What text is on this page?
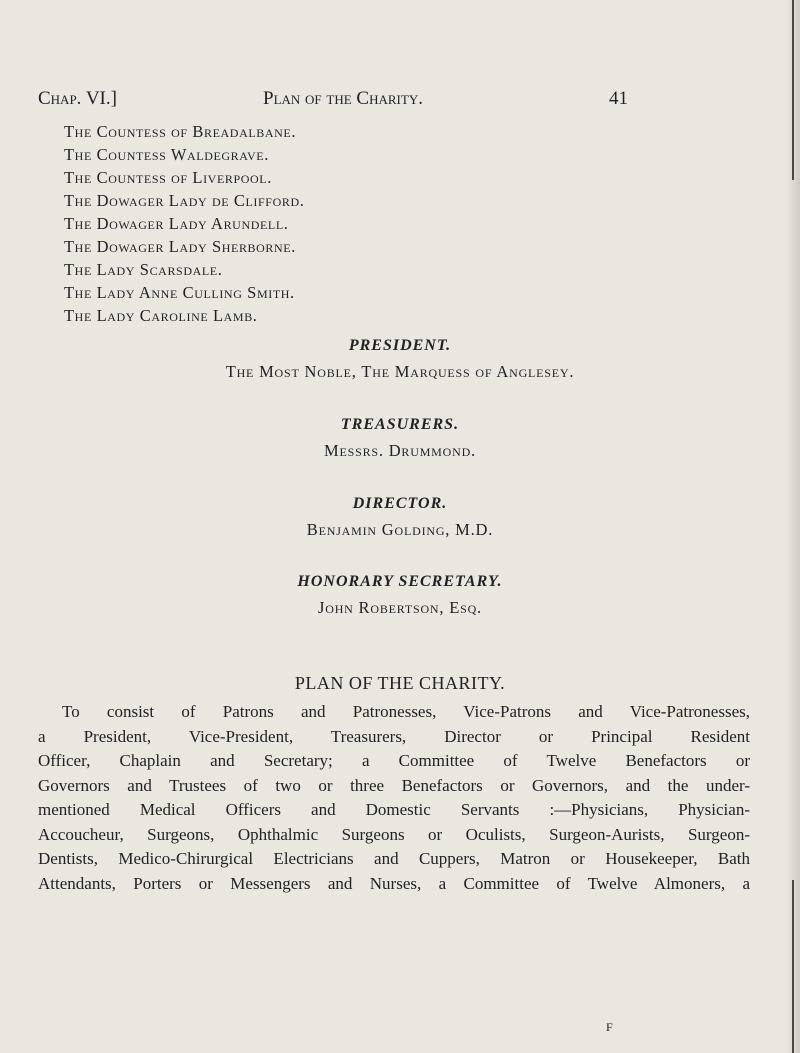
Chap. VI.]	Plan of the Charity.	41
The Countess of Breadalbane.
The Countess Waldegrave.
The Countess of Liverpool.
The Dowager Lady de Clifford.
The Dowager Lady Arundell.
The Dowager Lady Sherborne.
The Lady Scarsdale.
The Lady Anne Culling Smith.
The Lady Caroline Lamb.
PRESIDENT.
The Most Noble, The Marquess of Anglesey.
TREASURERS.
Messrs. Drummond.
DIRECTOR.
Benjamin Golding, M.D.
HONORARY SECRETARY.
John Robertson, Esq.
PLAN OF THE CHARITY.
To consist of Patrons and Patronesses, Vice-Patrons and Vice-Patronesses,
a President, Vice-President, Treasurers, Director or Principal Resident
Officer, Chaplain and Secretary; a Committee of Twelve Benefactors or
Governors and Trustees of two or three Benefactors or Governors, and the under-
mentioned Medical Officers and Domestic Servants :—Physicians, Physician-
Accoucheur, Surgeons, Ophthalmic Surgeons or Oculists, Surgeon-Aurists, Surgeon-
Dentists, Medico-Chirurgical Electricians and Cuppers, Matron or Housekeeper, Bath
Attendants, Porters or Messengers and Nurses, a Committee of Twelve Almoners, a
F
